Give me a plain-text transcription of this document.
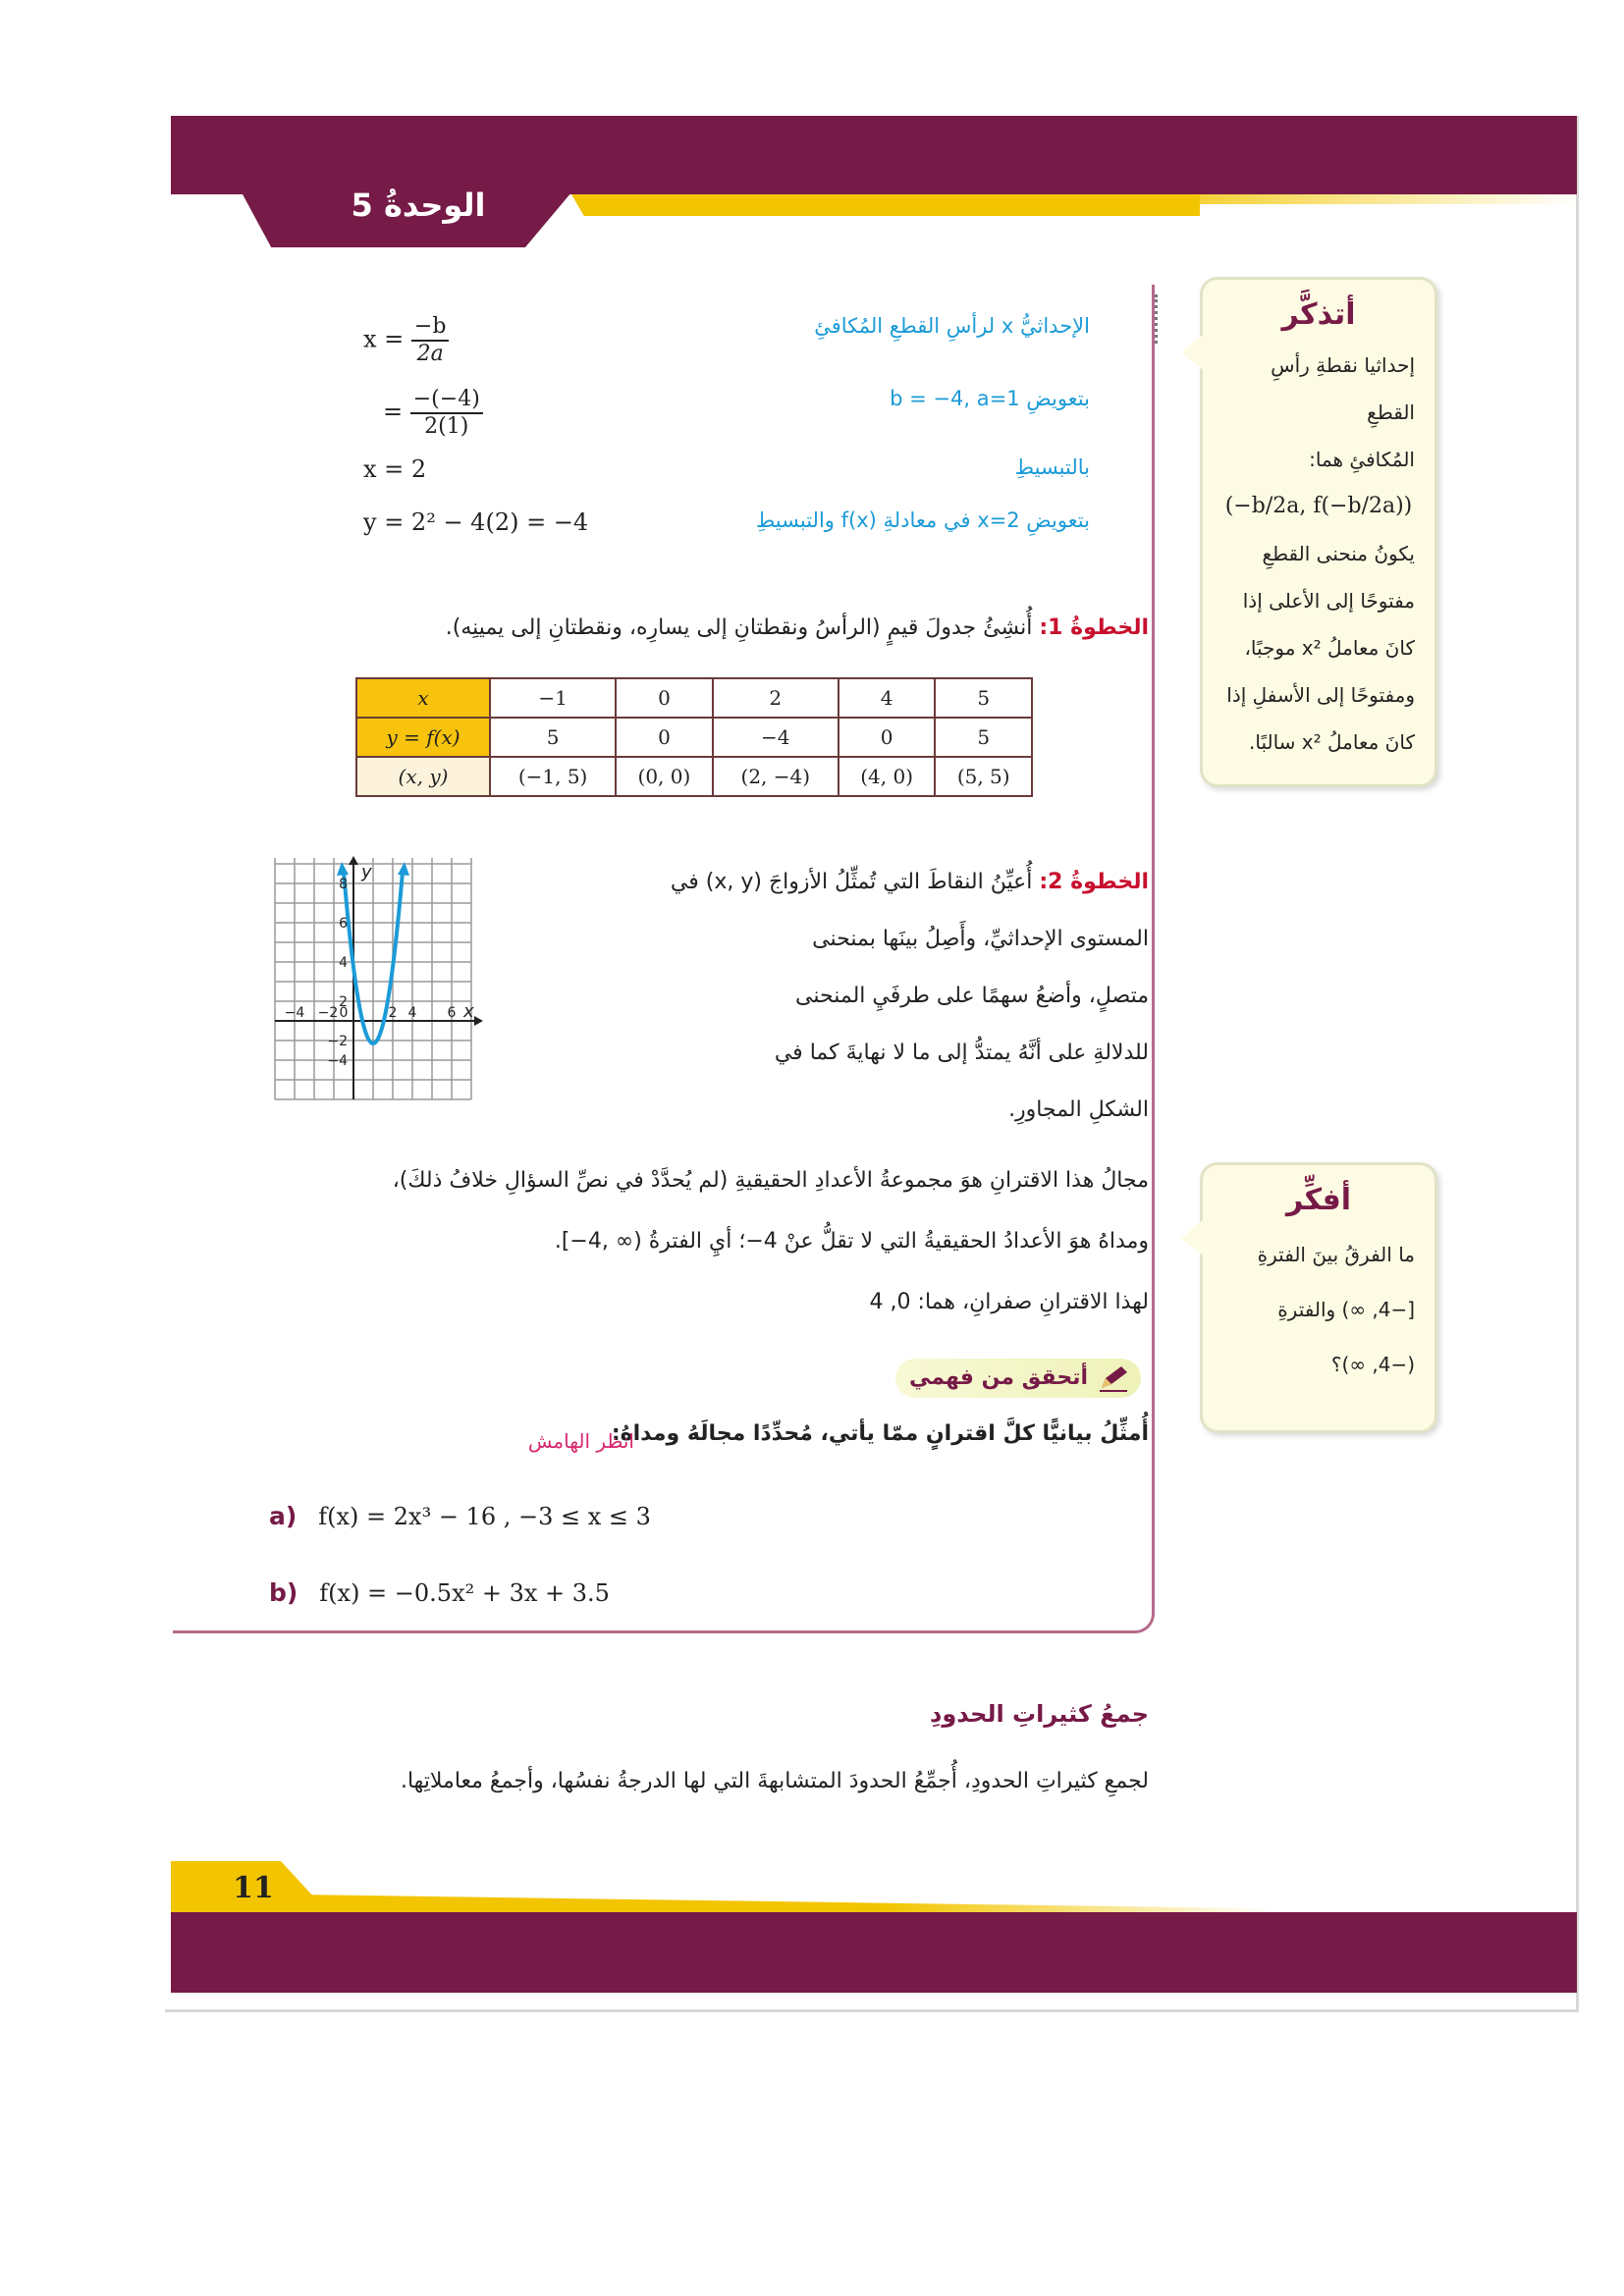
الوحدةُ 5
$x = \frac{-b}{2a}$	الإحداثيُّ x لرأسِ القطعِ المُكافئِ
= $\frac{-(-4)}{2(1)}$	بتعويضِ b = −4, a=1
x = 2	بالتبسيطِ
y = 2² − 4(2) = −4	بتعويضِ x=2 في معادلةِ f(x) والتبسيطِ
الخطوةُ 1: أُنشِئُ جدولَ قيمٍ (الرأسُ ونقطتانِ إلى يسارِه، ونقطتانِ إلى يمينِه).
x	−1	0	2	4	5
y = f(x)	5	0	−4	0	5
(x, y)	(−1, 5)	(0, 0)	(2, −4)	(4, 0)	(5, 5)
الخطوةُ 2: أُعيِّنُ النقاطَ التي تُمثِّلُ الأزواجَ (x, y) في
المستوى الإحداثيِّ، وأَصِلُ بينَها بمنحنى
متصلٍ، وأضعُ سهمًا على طرفَيِ المنحنى
للدلالةِ على أنَّهُ يمتدُّ إلى ما لا نهايةَ كما في
الشكلِ المجاورِ.
−4 −2 0	2 4 6
8
6
4
2
−2
−4
y
x
مجالُ هذا الاقترانِ هوَ مجموعةُ الأعدادِ الحقيقيةِ (لم يُحدَّدْ في نصِّ السؤالِ خلافُ ذلكَ)،
ومداهُ هوَ الأعدادُ الحقيقيةُ التي لا تقلُّ عنْ 4−؛ أيِ الفترةُ (∞ ,4−].
لهذا الاقترانِ صفرانِ، هما: 0, 4
أتحقق من فهمي
أُمثِّلُ بيانيًّا كلَّ اقترانٍ ممّا يأتي، مُحدِّدًا مجالَهُ ومداهُ:
انظر الهامش
a) f(x) = 2x³ − 16 , −3 ≤ x ≤ 3
b) f(x) = −0.5x² + 3x + 3.5
جمعُ كثيراتِ الحدودِ
لجمعِ كثيراتِ الحدودِ، أُجمِّعُ الحدودَ المتشابهةَ التي لها الدرجةُ نفسُها، وأجمعُ معاملاتِها.
أتذكَّر
إحداثيا نقطةِ رأسِ القطعِ
المُكافئِ هما:
(−b/2a, f(−b/2a))
يكونُ منحنى القطعِ
مفتوحًا إلى الأعلى إذا
كانَ معاملُ x² موجبًا،
ومفتوحًا إلى الأسفلِ إذا
كانَ معاملُ x² سالبًا.
أفكِّر
ما الفرقُ بينَ الفترةِ
[−4, ∞) والفترةِ
(−4, ∞)؟
11
